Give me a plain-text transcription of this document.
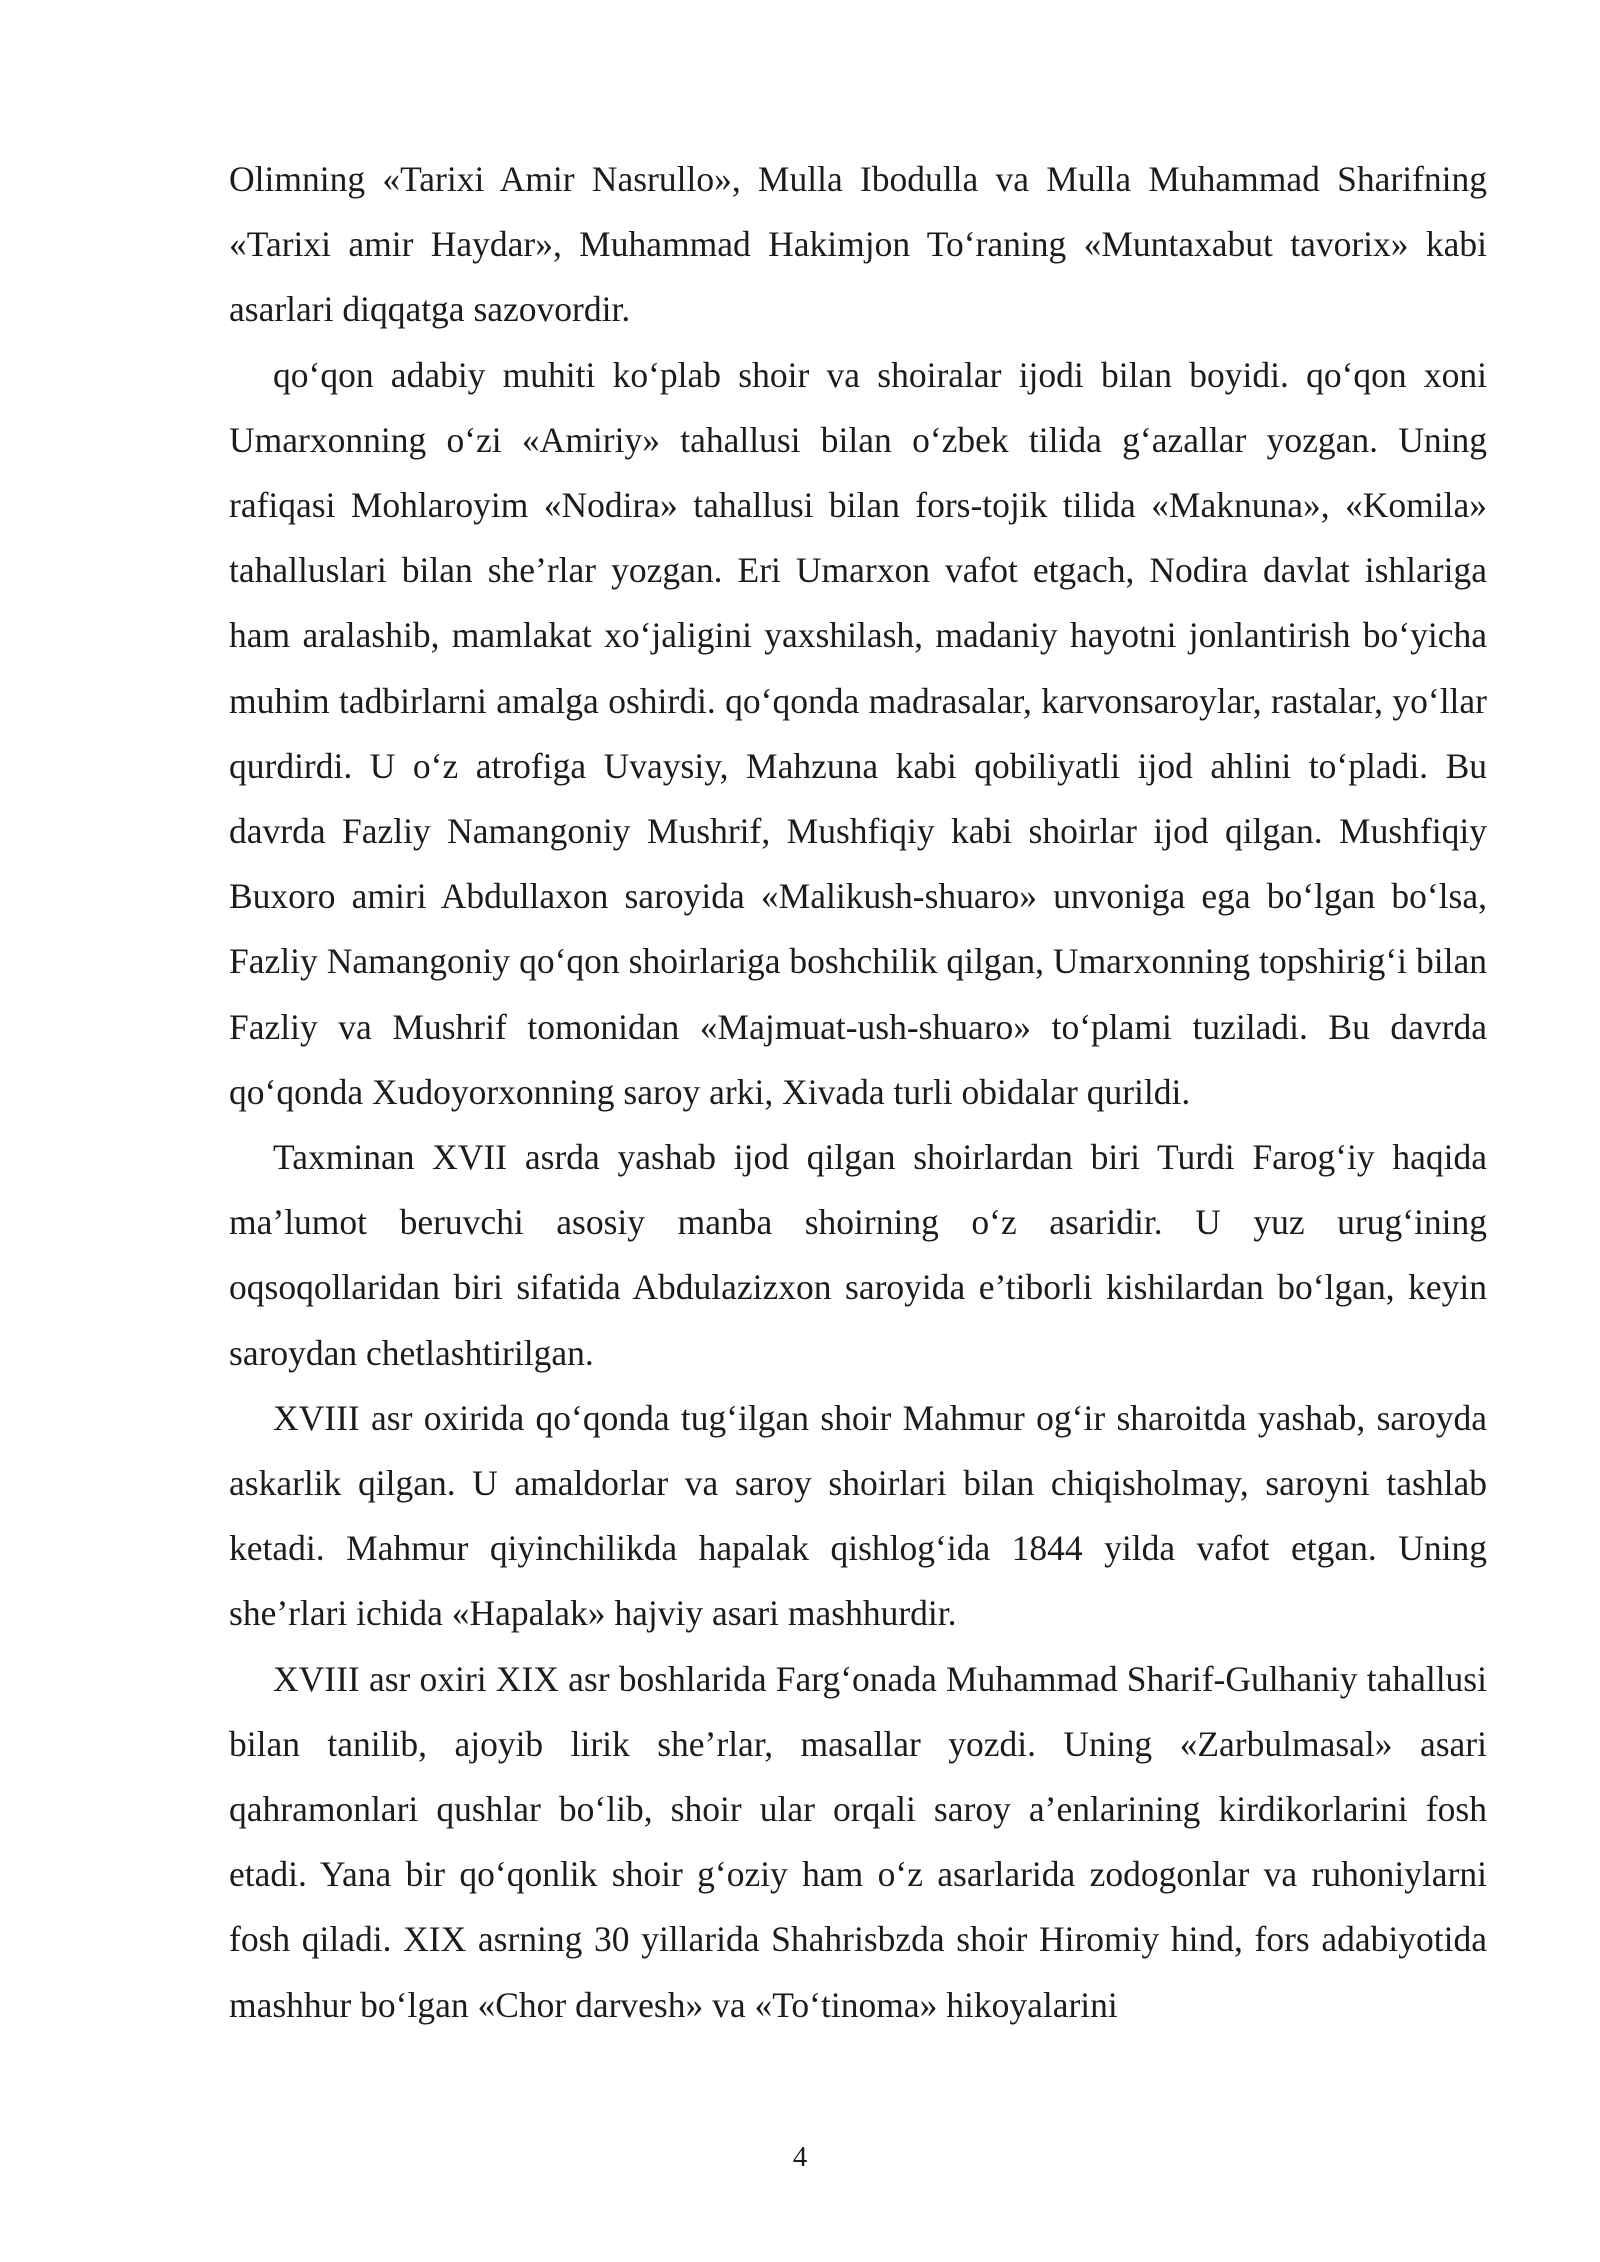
Olimning «Tarixi Amir Nasrullo», Mulla Ibodulla va Mulla Muhammad Sharifning «Tarixi amir Haydar», Muhammad Hakimjon To‘raning «Muntaxabut tavorix» kabi asarlari diqqatga sazovordir.

qo‘qon adabiy muhiti ko‘plab shoir va shoiralar ijodi bilan boyidi. qo‘qon xoni Umarxonning o‘zi «Amiriy» tahallusi bilan o‘zbek tilida g‘azallar yozgan. Uning rafiqasi Mohlaroyim «Nodira» tahallusi bilan fors-tojik tilida «Maknuna», «Komila» tahalluslari bilan she’rlar yozgan. Eri Umarxon vafot etgach, Nodira davlat ishlariga ham aralashib, mamlakat xo‘jaligini yaxshilash, madaniy hayotni jonlantirish bo‘yicha muhim tadbirlarni amalga oshirdi. qo‘qonda madrasalar, karvonsaroylar, rastalar, yo‘llar qurdirdi. U o‘z atrofiga Uvaysiy, Mahzuna kabi qobiliyatli ijod ahlini to‘pladi. Bu davrda Fazliy Namangoniy Mushrif, Mushfiqiy kabi shoirlar ijod qilgan. Mushfiqiy Buxoro amiri Abdullaxon saroyida «Malikush-shuaro» unvoniga ega bo‘lgan bo‘lsa, Fazliy Namangoniy qo‘qon shoirlariga boshchilik qilgan, Umarxonning topshirig‘i bilan Fazliy va Mushrif tomonidan «Majmuat-ush-shuaro» to‘plami tuziladi. Bu davrda qo‘qonda Xudoyorxonning saroy arki, Xivada turli obidalar qurildi.

Taxminan XVII asrda yashab ijod qilgan shoirlardan biri Turdi Farog‘iy haqida ma’lumot beruvchi asosiy manba shoirning o‘z asaridir. U yuz urug‘ining oqsoqollaridan biri sifatida Abdulazizxon saroyida e’tiborli kishilardan bo‘lgan, keyin saroydan chetlashtirilgan.

XVIII asr oxirida qo‘qonda tug‘ilgan shoir Mahmur og‘ir sharoitda yashab, saroyda askarlik qilgan. U amaldorlar va saroy shoirlari bilan chiqisholmay, saroyni tashlab ketadi. Mahmur qiyinchilikda hapalak qishlog‘ida 1844 yilda vafot etgan. Uning she’rlari ichida «Hapalak» hajviy asari mashhurdir.

XVIII asr oxiri XIX asr boshlarida Farg‘onada Muhammad Sharif-Gulhaniy tahallusi bilan tanilib, ajoyib lirik she’rlar, masallar yozdi. Uning «Zarbulmasal» asari qahramonlari qushlar bo‘lib, shoir ular orqali saroy a’enlarining kirdikorlarini fosh etadi. Yana bir qo‘qonlik shoir g‘oziy ham o‘z asarlarida zodogonlar va ruhoniylarni fosh qiladi. XIX asrning 30 yillarida Shahrisbzda shoir Hiromiy hind, fors adabiyotida mashhur bo‘lgan «Chor darvesh» va «To‘tinoma» hikoyalarini

4
